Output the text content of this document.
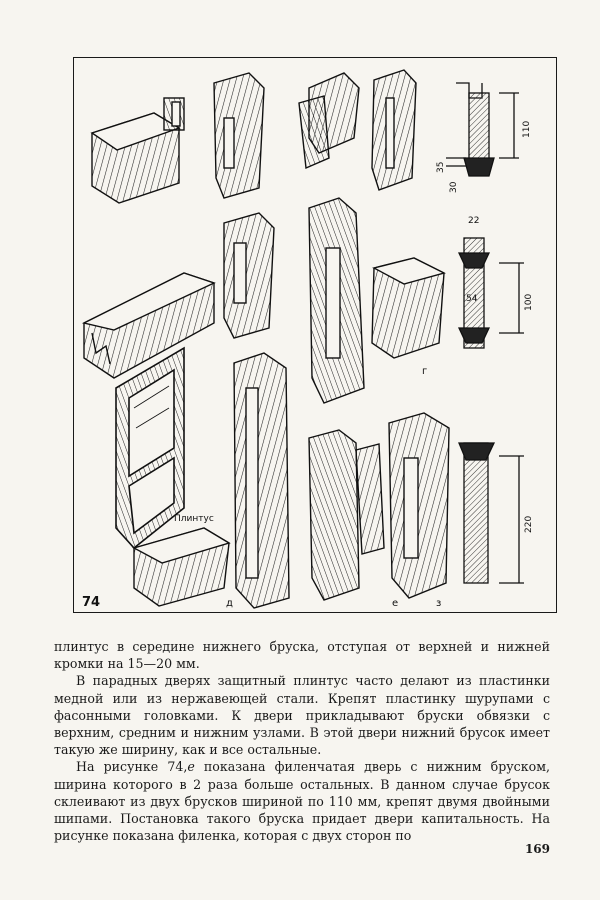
74	д	е	з
г
Плинтус
110
35
30
22
54	100
220

плинтус в середине нижнего бруска, отступая от верхней и нижней кромки на 15—20 мм.

В парадных дверях защитный плинтус часто делают из пластинки медной или из нержавеющей стали. Крепят пластинку шурупами с фасонными головками. К двери прикладывают бруски обвязки с верхним, средним и нижним узлами. В этой двери нижний брусок имеет такую же ширину, как и все остальные.

На рисунке 74,е показана филенчатая дверь с нижним бруском, ширина которого в 2 раза больше остальных. В данном случае брусок склеивают из двух брусков шириной по 110 мм, крепят двумя двойными шипами. Постановка такого бруска придает двери капитальность. На рисунке показана филенка, которая с двух сторон по

169
